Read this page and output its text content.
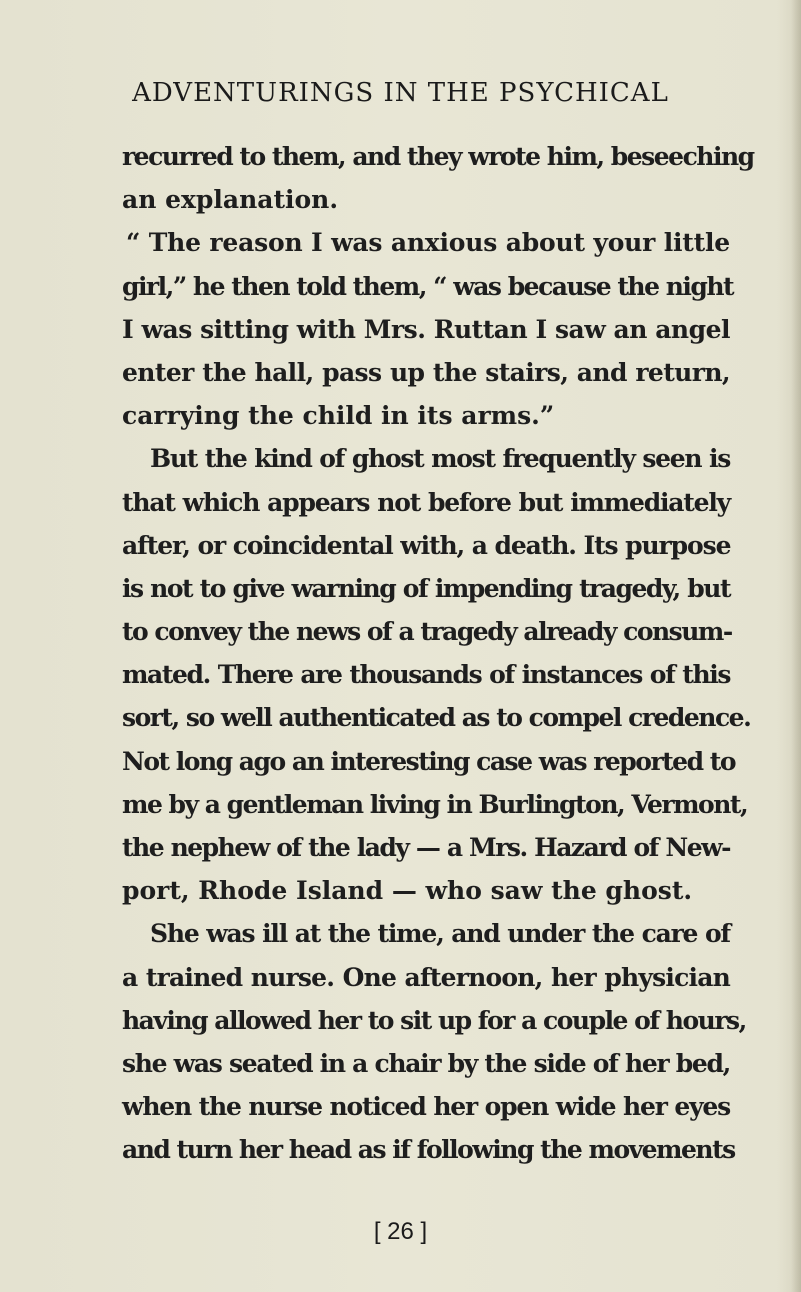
ADVENTURINGS IN THE PSYCHICAL
recurred to them, and they wrote him, beseeching
an explanation.
“ The reason I was anxious about your little
girl,” he then told them, “ was because the night
I was sitting with Mrs. Ruttan I saw an angel
enter the hall, pass up the stairs, and return,
carrying the child in its arms.”
But the kind of ghost most frequently seen is
that which appears not before but immediately
after, or coincidental with, a death. Its purpose
is not to give warning of impending tragedy, but
to convey the news of a tragedy already consum-
mated. There are thousands of instances of this
sort, so well authenticated as to compel credence.
Not long ago an interesting case was reported to
me by a gentleman living in Burlington, Vermont,
the nephew of the lady — a Mrs. Hazard of New-
port, Rhode Island — who saw the ghost.
She was ill at the time, and under the care of
a trained nurse. One afternoon, her physician
having allowed her to sit up for a couple of hours,
she was seated in a chair by the side of her bed,
when the nurse noticed her open wide her eyes
and turn her head as if following the movements
[ 26 ]
